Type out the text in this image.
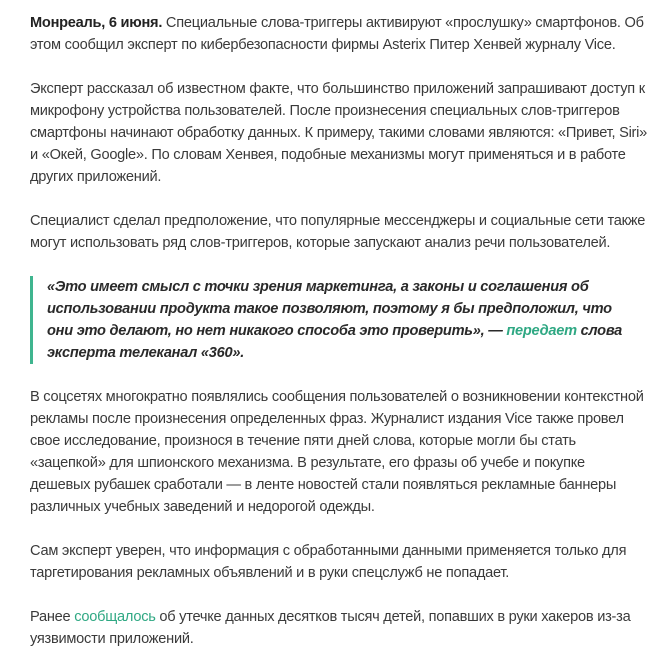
Монреаль, 6 июня. Специальные слова-триггеры активируют «прослушку» смартфонов. Об этом сообщил эксперт по кибербезопасности фирмы Asterix Питер Хенвей журналу Vice.

Эксперт рассказал об известном факте, что большинство приложений запрашивают доступ к микрофону устройства пользователей. После произнесения специальных слов-триггеров смартфоны начинают обработку данных. К примеру, такими словами являются: «Привет, Siri» и «Окей, Google». По словам Хенвея, подобные механизмы могут применяться и в работе других приложений.

Специалист сделал предположение, что популярные мессенджеры и социальные сети также могут использовать ряд слов-триггеров, которые запускают анализ речи пользователей.

«Это имеет смысл с точки зрения маркетинга, а законы и соглашения об использовании продукта такое позволяют, поэтому я бы предположил, что они это делают, но нет никакого способа это проверить», — передает слова эксперта телеканал «360».

В соцсетях многократно появлялись сообщения пользователей о возникновении контекстной рекламы после произнесения определенных фраз. Журналист издания Vice также провел свое исследование, произнося в течение пяти дней слова, которые могли бы стать «зацепкой» для шпионского механизма. В результате, его фразы об учебе и покупке дешевых рубашек сработали — в ленте новостей стали появляться рекламные баннеры различных учебных заведений и недорогой одежды.

Сам эксперт уверен, что информация с обработанными данными применяется только для таргетирования рекламных объявлений и в руки спецслужб не попадает.

Ранее сообщалось об утечке данных десятков тысяч детей, попавших в руки хакеров из-за уязвимости приложений.
